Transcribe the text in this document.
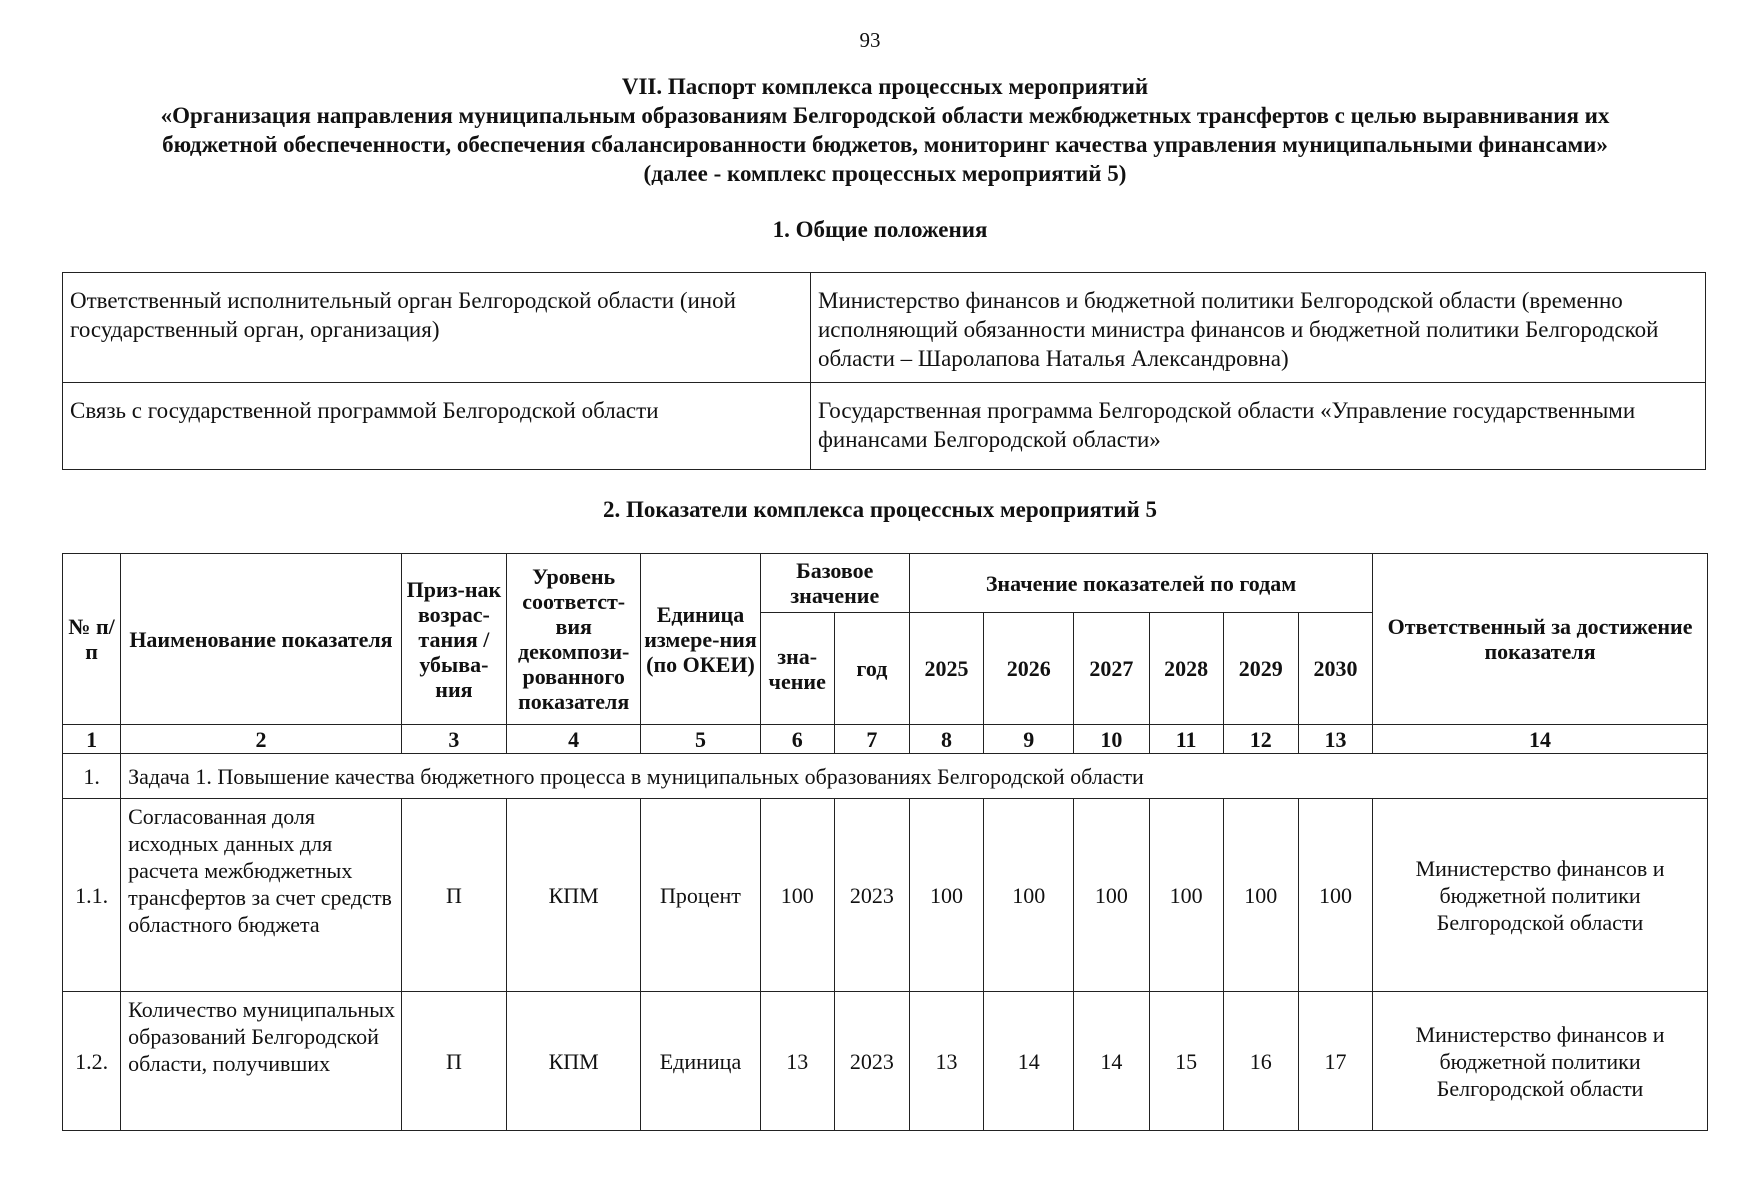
93
VII. Паспорт комплекса процессных мероприятий
«Организация направления муниципальным образованиям Белгородской области межбюджетных трансфертов с целью выравнивания их
бюджетной обеспеченности, обеспечения сбалансированности бюджетов, мониторинг качества управления муниципальными финансами»
(далее - комплекс процессных мероприятий 5)
1. Общие положения
Ответственный исполнительный орган Белгородской области (иной государственный орган, организация)	Министерство финансов и бюджетной политики Белгородской области (временно исполняющий обязанности министра финансов и бюджетной политики Белгородской области – Шаролапова Наталья Александровна)
Связь с государственной программой Белгородской области	Государственная программа Белгородской области «Управление государственными финансами Белгородской области»
2. Показатели комплекса процессных мероприятий 5
№ п/п	Наименование показателя	Приз-нак возрас-тания / убыва-ния	Уровень соответст-вия декомпози-рованного показателя	Единица измере-ния (по ОКЕИ)	Базовое значение		Значение показателей по годам						Ответственный за достижение показателя
					зна-чение	год	2025	2026	2027	2028	2029	2030	
1	2	3	4	5	6	7	8	9	10	11	12	13	14
1.	Задача 1. Повышение качества бюджетного процесса в муниципальных образованиях Белгородской области												
1.1.	Согласованная доля исходных данных для расчета межбюджетных трансфертов за счет средств областного бюджета	П	КПМ	Процент	100	2023	100	100	100	100	100	100	Министерство финансов и бюджетной политики Белгородской области
1.2.	Количество муниципальных образований Белгородской области, получивших	П	КПМ	Единица	13	2023	13	14	14	15	16	17	Министерство финансов и бюджетной политики Белгородской области
